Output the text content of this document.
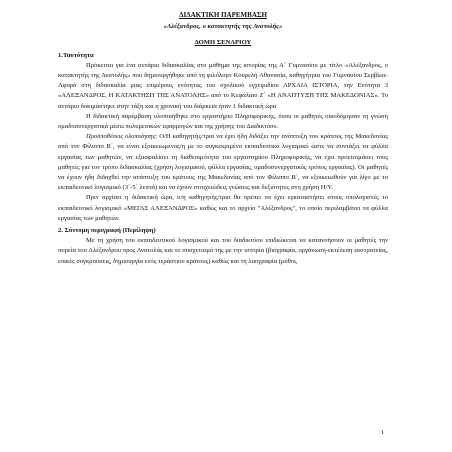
ΔΙΔΑΚΤΙΚΗ ΠΑΡΕΜΒΑΣΗ
«Αλέξανδρος, ο κατακτητής της Ανατολής»
ΔΟΜΗ ΣΕΝΑΡΙΟΥ
1.Ταυτότητα

Πρόκειται για ένα σενάριο διδασκαλίας στο μάθημα της ιστορίας της Α΄ Γυμνασίου με τίτλο «Αλέξανδρος, ο κατακτητής της Ανατολής» που δημιουργήθηκε από τη φιλόλογο Κουρελή Αθανασία, καθηγήτρια του Γυμνασίου Σερβίων. Αφορά στη διδασκαλία μιας επιμέρους ενότητας του σχολικού εγχειριδίου ΑΡΧΑΙΑ ΙΣΤΟΡΙΑ, την Ενότητα 3 «ΑΛΕΞΑΝΔΡΟΣ, Η ΚΑΤΑΚΤΗΣΗ ΤΗΣ ΑΝΑΤΟΛΗΣ» από το Κεφάλαιο Ζ΄ «Η ΑΝΑΠΤΥΞΗ ΤΗΣ ΜΑΚΕΔΟΝΙΑΣ». Το σενάριο δοκιμάστηκε στην τάξη και η χρονική του διάρκεια ήταν 1 διδακτική ώρα

Η διδακτική παρέμβαση υλοποιήθηκε στο εργαστήριο Πληροφορικής, όπου οι μαθητές οικοδόμησαν τη γνώση ομαδοσυνεργατικά μέσω πολυμεσικών εφαρμογών και της χρήσης του Διαδικτύου.

Προϋποθέσεις υλοποίησης: Ο/Η καθηγητής/τρια να έχει ήδη διδάξει την ανάπτυξη του κράτους της Μακεδονίας από τον Φίλιππο Β΄, να είναι εξοικειωμένος/η με το συγκεκριμένο εκπαιδευτικό λογισμικό ώστε να συντάξει τα φύλλα εργασίας των μαθητών, να εξασφαλίσει τη διαθεσιμότητα του εργαστηρίου Πληροφορικής, να έχει προετοιμάσει τους μαθητές για τον τρόπο διδασκαλίας (χρήση λογισμικού, φύλλα εργασίας, ομαδοσυνεργατικός τρόπος εργασίας). Οι μαθητές να έχουν ήδη διδαχθεί την ανάπτυξη του κράτους της Μακεδονίας από τον Φίλιππο Β΄, να εξοικειωθούν για λίγο με το εκπαιδευτικό λογισμικό (3΄-5΄ λεπτά) και να έχουν στοιχειώδεις γνώσεις και δεξιότητες στη χρήση Η/Υ.

Πριν αρχίσει η διδακτική ώρα, ο/η καθηγητής/τρια θα πρέπει να έχει εγκαταστήσει στους υπολογιστές το εκπαιδευτικό λογισμικό «ΜΕΓΑΣ ΑΛΕΞΑΝΔΡΟΣ» καθώς και το αρχείο "Αλέξανδρος", το οποίο περιλαμβάνει τα φύλλα εργασίας των μαθητών.

2. Σύντομη περιγραφή (Περίληψη)

Με τη χρήση του εκπαιδευτικού λογισμικού και του διαδικτύου επιδιώκεται να κατανοήσουν οι μαθητές την πορεία του Αλέξανδρου προς Ανατολάς και το συσχετισμό της με την ιστορία (βιογραφία, οργάνωση-εκτέλεση εκστρατείας, επικές συγκρούσεις, δημιουργία ενός τεράστιου κράτους) καθώς και τη λαογραφία (μύθοι,

1
